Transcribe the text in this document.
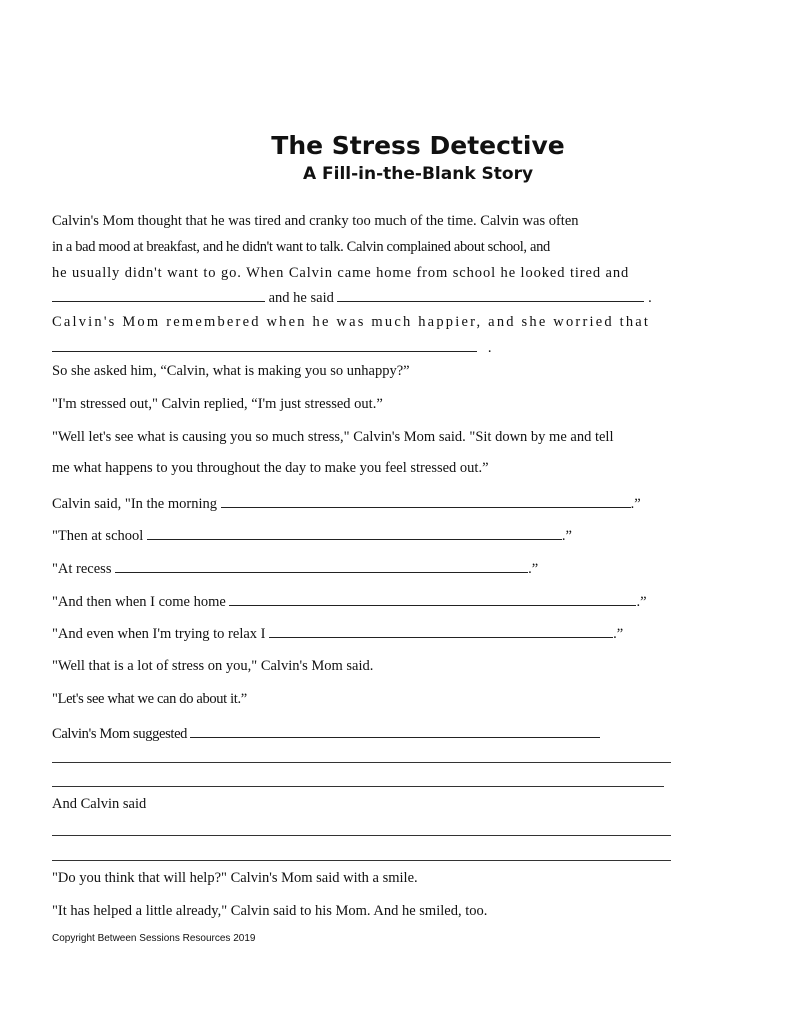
The Stress Detective
A Fill-in-the-Blank Story
Calvin's Mom thought that he was tired and cranky too much of the time. Calvin was often
in a bad mood at breakfast, and he didn't want to talk. Calvin complained about school, and
he usually didn't want to go. When Calvin came home from school he looked tired and
and he said	.
Calvin's Mom remembered when he was much happier, and she worried that
.
So she asked him, “Calvin, what is making you so unhappy?”
"I'm stressed out," Calvin replied, “I'm just stressed out.”
"Well let's see what is causing you so much stress," Calvin's Mom said. "Sit down by me and tell
me what happens to you throughout the day to make you feel stressed out.”
Calvin said, "In the morning	.”
"Then at school	.”
"At recess	.”
"And then when I come home	.”
"And even when I'm trying to relax I	.”
"Well that is a lot of stress on you," Calvin's Mom said.
"Let's see what we can do about it.”
Calvin's Mom suggested
And Calvin said
"Do you think that will help?" Calvin's Mom said with a smile.
"It has helped a little already," Calvin said to his Mom. And he smiled, too.
Copyright Between Sessions Resources 2019
